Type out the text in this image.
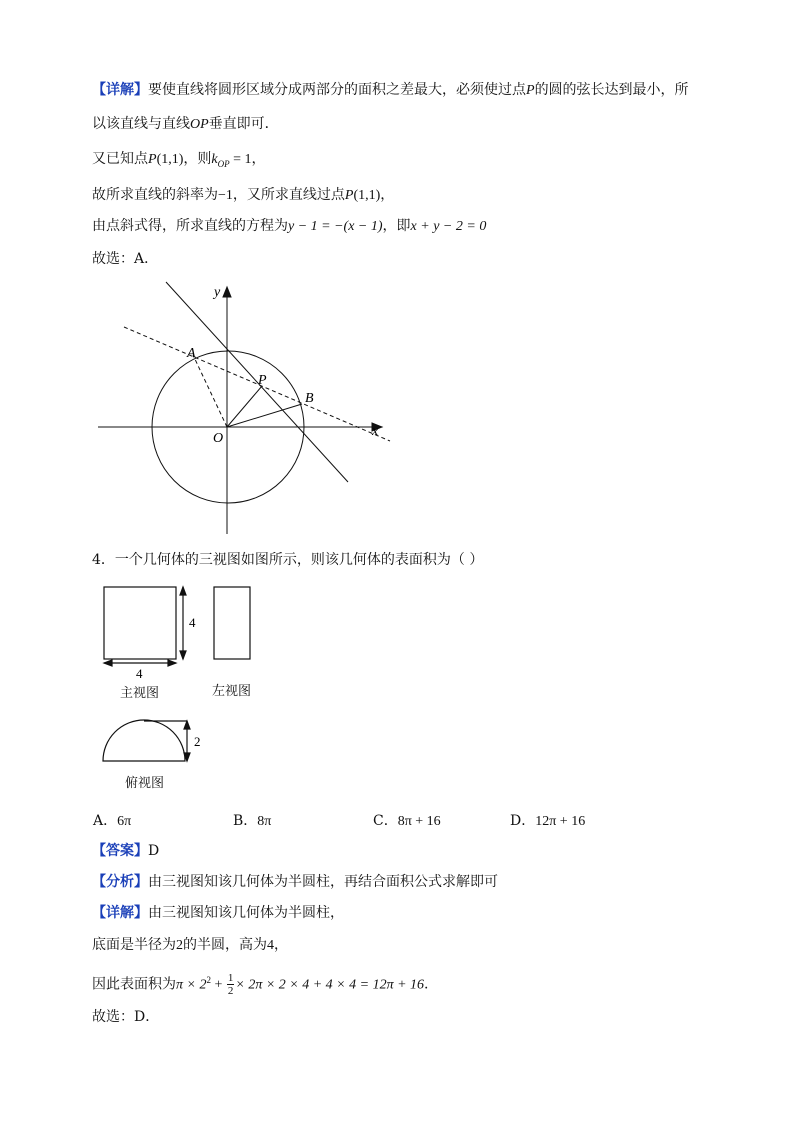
【详解】要使直线将圆形区域分成两部分的面积之差最大，必须使过点P的圆的弦长达到最小，所
以该直线与直线OP垂直即可．
又已知点P(1,1)，则$k_{OP} = 1$，
故所求直线的斜率为−1，又所求直线过点P(1,1)，
由点斜式得，所求直线的方程为y − 1 = −(x − 1)，即x + y − 2 = 0
故选：A．
y
x
O
A
P
B
4．一个几何体的三视图如图所示，则该几何体的表面积为（ ）
4
4
2
主视图	左视图
俯视图
A．6π	B．8π	C．8π + 16	D．12π + 16
【答案】D
【分析】由三视图知该几何体为半圆柱，再结合面积公式求解即可
【详解】由三视图知该几何体为半圆柱，
底面是半径为2的半圆，高为4，
因此表面积为$\pi \times 2^2 + \frac{1}{2} \times 2\pi \times 2 \times 4 + 4 \times 4 = 12\pi + 16$.
故选：D．
